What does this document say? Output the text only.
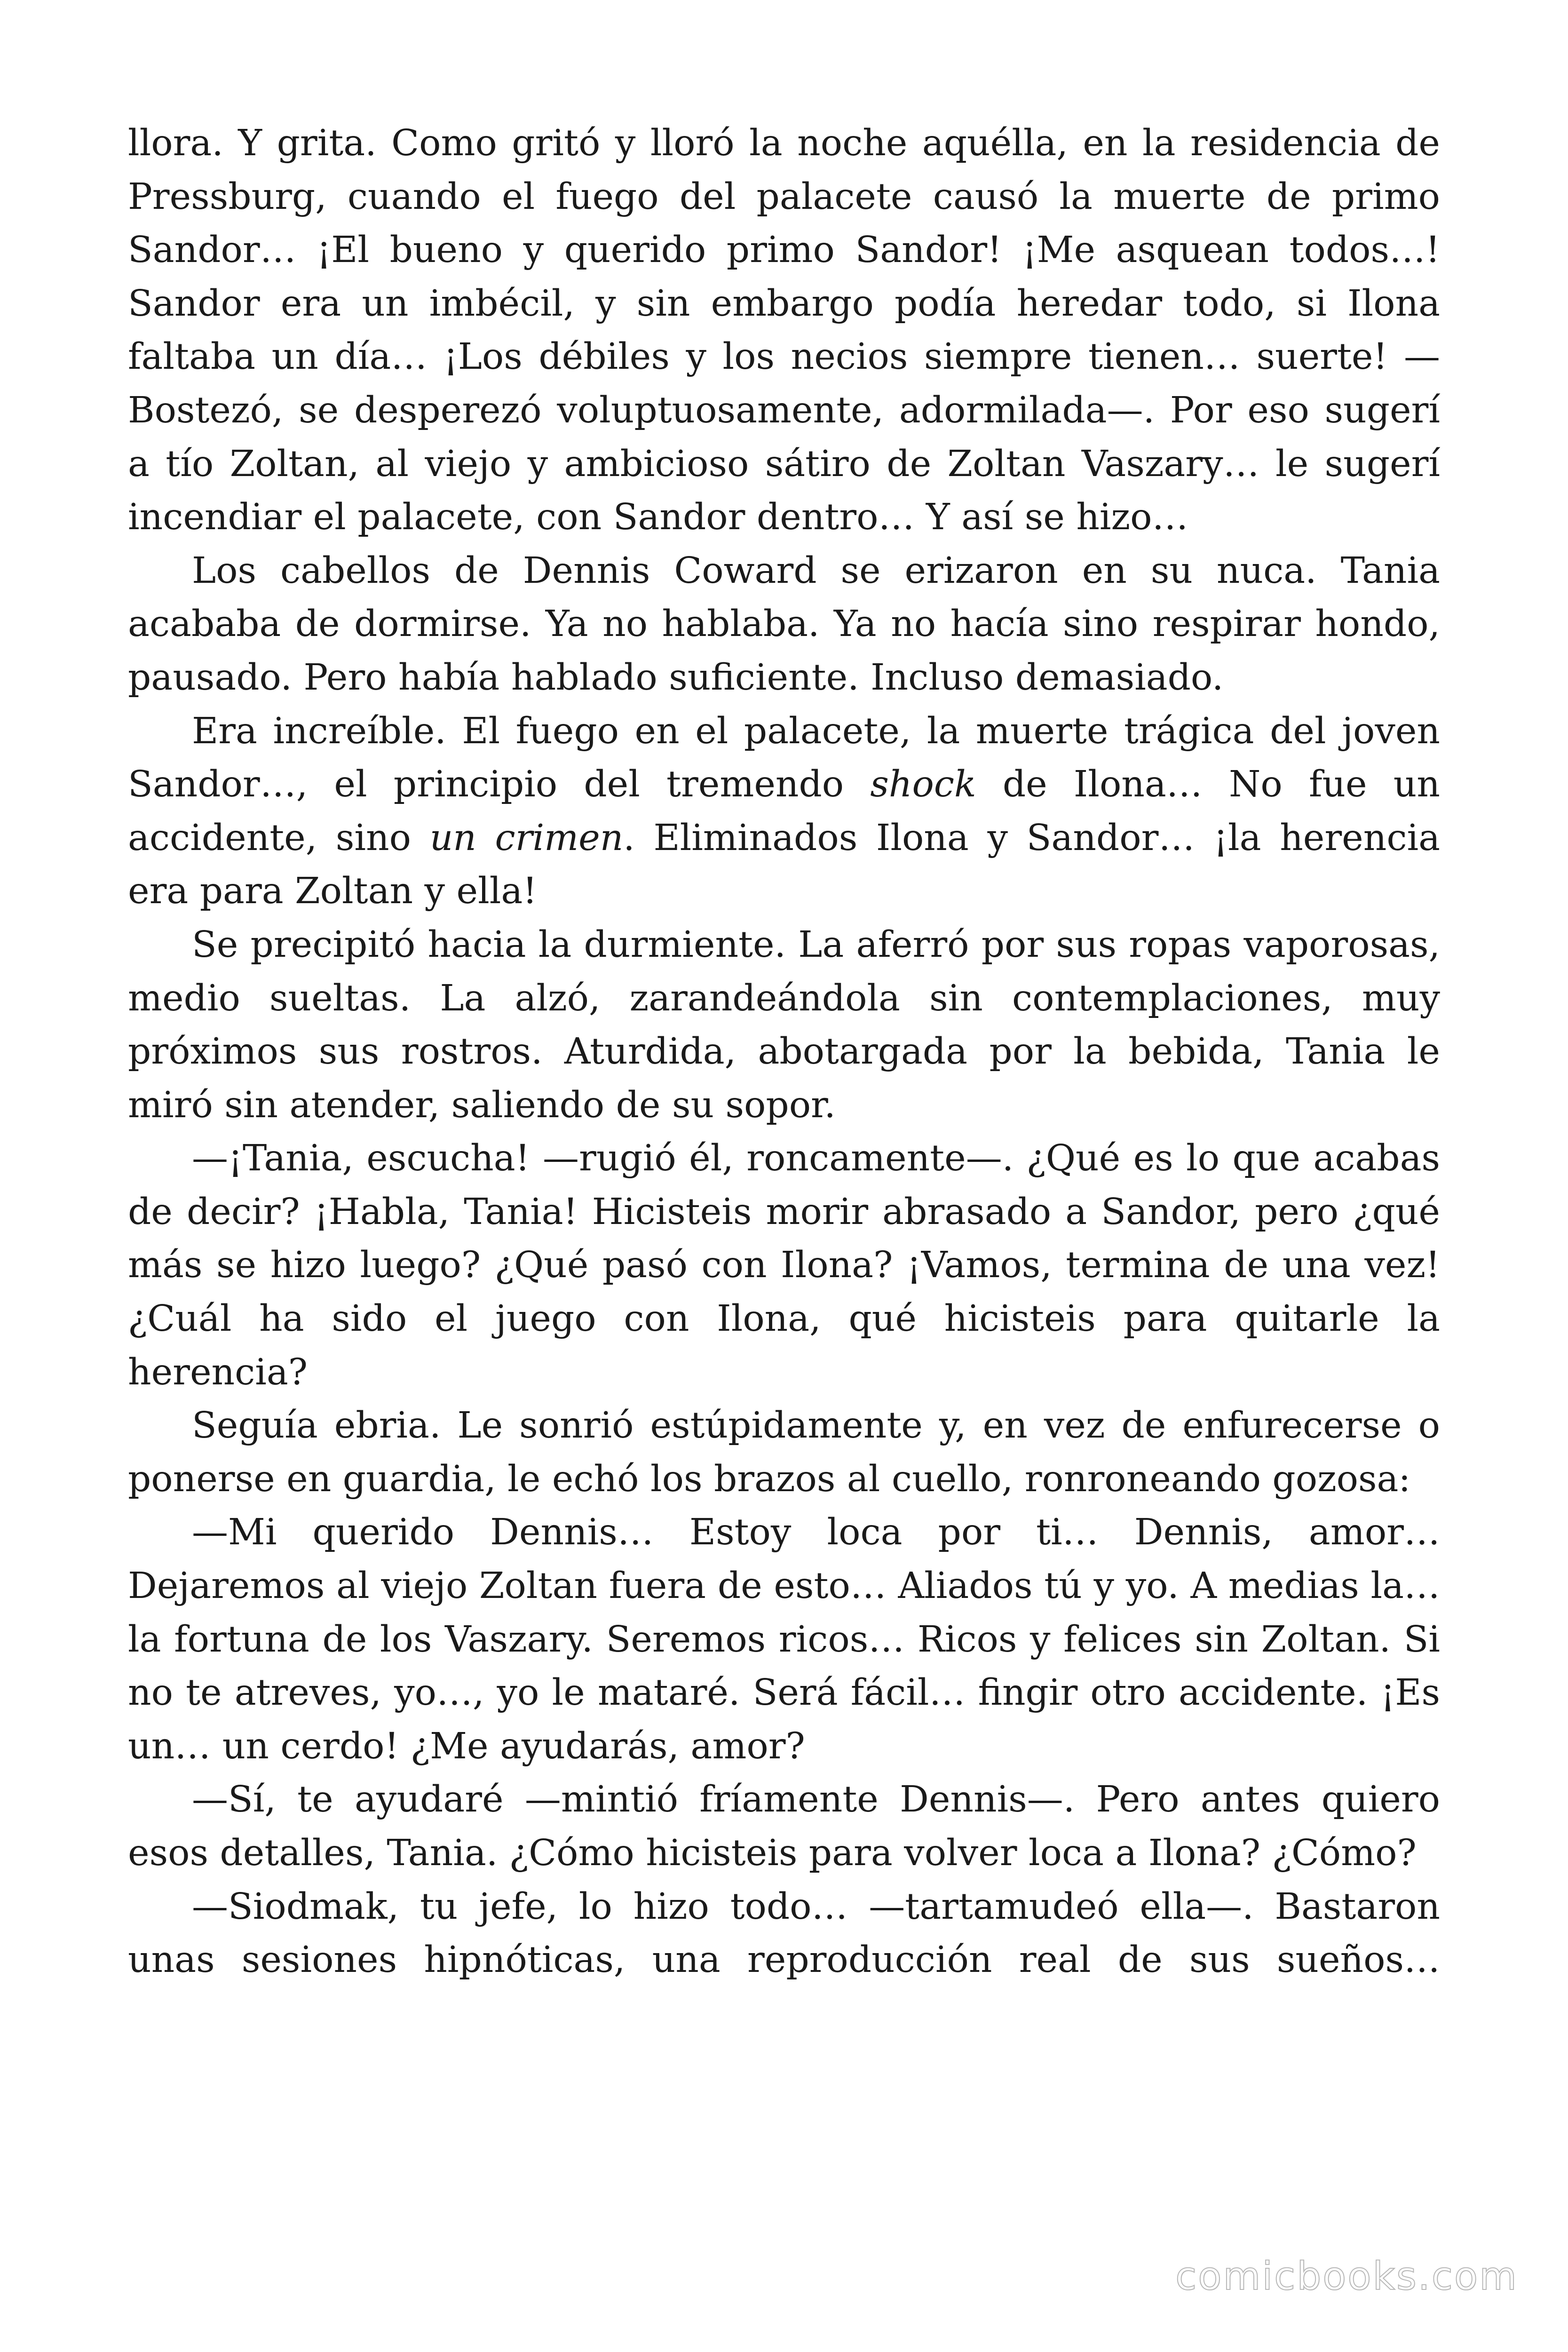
llora. Y grita. Como gritó y lloró la noche aquélla, en la residencia de Pressburg, cuando el fuego del palacete causó la muerte de primo Sandor… ¡El bueno y querido primo Sandor! ¡Me asquean todos…! Sandor era un imbécil, y sin embargo podía heredar todo, si Ilona faltaba un día… ¡Los débiles y los necios siempre tienen… suerte! —Bostezó, se desperezó voluptuosamente, adormilada—. Por eso sugerí a tío Zoltan, al viejo y ambicioso sátiro de Zoltan Vaszary… le sugerí incendiar el palacete, con Sandor dentro… Y así se hizo…

Los cabellos de Dennis Coward se erizaron en su nuca. Tania acababa de dormirse. Ya no hablaba. Ya no hacía sino respirar hondo, pausado. Pero había hablado suficiente. Incluso demasiado.

Era increíble. El fuego en el palacete, la muerte trágica del joven Sandor…, el principio del tremendo shock de Ilona… No fue un accidente, sino un crimen. Eliminados Ilona y Sandor… ¡la herencia era para Zoltan y ella!

Se precipitó hacia la durmiente. La aferró por sus ropas vaporosas, medio sueltas. La alzó, zarandeándola sin contemplaciones, muy próximos sus rostros. Aturdida, abotargada por la bebida, Tania le miró sin atender, saliendo de su sopor.

—¡Tania, escucha! —rugió él, roncamente—. ¿Qué es lo que acabas de decir? ¡Habla, Tania! Hicisteis morir abrasado a Sandor, pero ¿qué más se hizo luego? ¿Qué pasó con Ilona? ¡Vamos, termina de una vez! ¿Cuál ha sido el juego con Ilona, qué hicisteis para quitarle la herencia?

Seguía ebria. Le sonrió estúpidamente y, en vez de enfurecerse o ponerse en guardia, le echó los brazos al cuello, ronroneando gozosa:

—Mi querido Dennis… Estoy loca por ti… Dennis, amor… Dejaremos al viejo Zoltan fuera de esto… Aliados tú y yo. A medias la… la fortuna de los Vaszary. Seremos ricos… Ricos y felices sin Zoltan. Si no te atreves, yo…, yo le mataré. Será fácil… fingir otro accidente. ¡Es un… un cerdo! ¿Me ayudarás, amor?

—Sí, te ayudaré —mintió fríamente Dennis—. Pero antes quiero esos detalles, Tania. ¿Cómo hicisteis para volver loca a Ilona? ¿Cómo?

—Siodmak, tu jefe, lo hizo todo… —tartamudeó ella—. Bastaron unas sesiones hipnóticas, una reproducción real de sus sueños…

comicbooks.com
